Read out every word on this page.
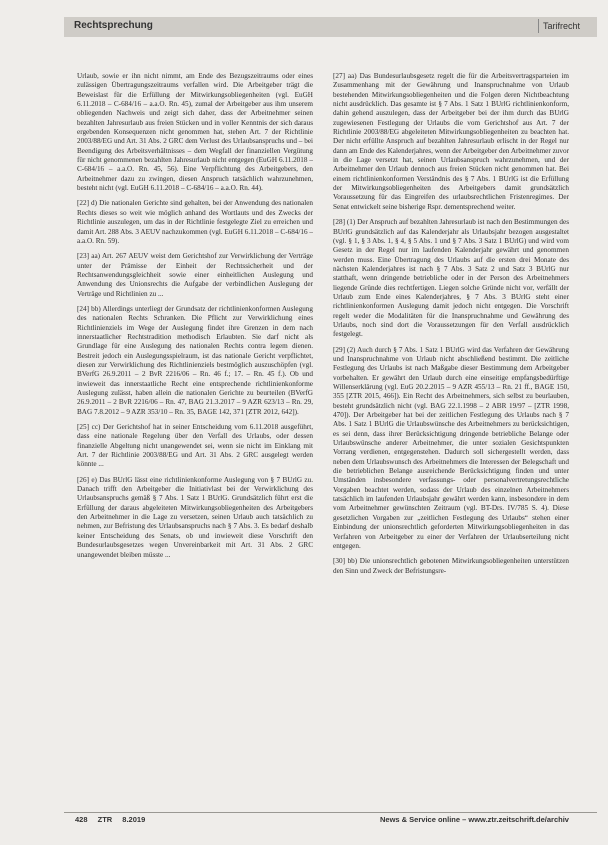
Rechtsprechung	Tarifrecht

Urlaub, sowie er ihn nicht nimmt, am Ende des Bezugszeitraums oder eines zulässigen Übertragungszeitraums verfallen wird. Die Arbeitgeber trägt die Beweislast für die Erfüllung der Mitwirkungsobliegenheiten (vgl. EuGH 6.11.2018 – C-684/16 – a.a.O. Rn. 45), zumal der Arbeitgeber aus ihm unserem obliegenden Nachweis und zeigt sich daher, dass der Arbeitnehmer seinen bezahlten Jahresurlaub aus freien Stücken und in voller Kenntnis der sich daraus ergebenden Konsequenzen nicht genommen hat, stehen Art. 7 der Richtlinie 2003/88/EG und Art. 31 Abs. 2 GRC dem Verlust des Urlaubsanspruchs und – bei Beendigung des Arbeitsverhältnisses – dem Wegfall der finanziellen Vergütung für nicht genommenen bezahlten Jahresurlaub nicht entgegen (EuGH 6.11.2018 – C-684/16 – a.a.O. Rn. 45, 56). Eine Verpflichtung des Arbeitgebers, den Arbeitnehmer dazu zu zwingen, diesen Anspruch tatsächlich wahrzunehmen, besteht nicht (vgl. EuGH 6.11.2018 – C-684/16 – a.a.O. Rn. 44).

[22] d) Die nationalen Gerichte sind gehalten, bei der Anwendung des nationalen Rechts dieses so weit wie möglich anhand des Wortlauts und des Zwecks der Richtlinie auszulegen, um das in der Richtlinie festgelegte Ziel zu erreichen und damit Art. 288 Abs. 3 AEUV nachzukommen (vgl. EuGH 6.11.2018 – C-684/16 – a.a.O. Rn. 59).

[23] aa) Art. 267 AEUV weist dem Gerichtshof zur Verwirklichung der Verträge unter der Prämisse der Einheit der Rechtssicherheit und der Rechtsanwendungsgleichheit sowie einer einheitlichen Auslegung und Anwendung des Unionsrechts die Aufgabe der verbindlichen Auslegung der Verträge und Richtlinien zu ...

[24] bb) Allerdings unterliegt der Grundsatz der richtlinienkonformen Auslegung des nationalen Rechts Schranken. Die Pflicht zur Verwirklichung eines Richtlinienziels im Wege der Auslegung findet ihre Grenzen in dem nach innerstaatlicher Rechtstradition methodisch Erlaubten. Sie darf nicht als Grundlage für eine Auslegung des nationalen Rechts contra legem dienen. Bestreit jedoch ein Auslegungsspielraum, ist das nationale Gericht verpflichtet, diesen zur Verwirklichung des Richtlinienziels bestmöglich auszuschöpfen (vgl. BVerfG 26.9.2011 – 2 BvR 2216/06 – Rn. 46 f.; 17. – Rn. 45 f.). Ob und inwieweit das innerstaatliche Recht eine entsprechende richtlinienkonforme Auslegung zulässt, haben allein die nationalen Gerichte zu beurteilen (BVerfG 26.9.2011 – 2 BvR 2216/06 – Rn. 47, BAG 21.3.2017 – 9 AZR 623/13 – Rn. 29, BAG 7.8.2012 – 9 AZR 353/10 – Rn. 35, BAGE 142, 371 [ZTR 2012, 642]).

[25] cc) Der Gerichtshof hat in seiner Entscheidung vom 6.11.2018 ausgeführt, dass eine nationale Regelung über den Verfall des Urlaubs, oder dessen finanzielle Abgeltung nicht unangewendet sei, wenn sie nicht im Einklang mit Art. 7 der Richtlinie 2003/88/EG und Art. 31 Abs. 2 GRC ausgelegt werden könnte ...

[26] e) Das BUrlG lässt eine richtlinienkonforme Auslegung von § 7 BUrlG zu. Danach trifft den Arbeitgeber die Initiativlast bei der Verwirklichung des Urlaubsanspruchs gemäß § 7 Abs. 1 Satz 1 BUrlG. Grundsätzlich führt erst die Erfüllung der daraus abgeleiteten Mitwirkungsobliegenheiten des Arbeitgebers den Arbeitnehmer in die Lage zu versetzen, seinen Urlaub auch tatsächlich zu nehmen, zur Befristung des Urlaubsanspruchs nach § 7 Abs. 3. Es bedarf deshalb keiner Entscheidung des Senats, ob und inwieweit diese Vorschrift den Bundesurlaubsgesetzes wegen Unvereinbarkeit mit Art. 31 Abs. 2 GRC unangewendet bleiben müsste ...

[27] aa) Das Bundesurlaubsgesetz regelt die für die Arbeitsvertragsparteien im Zusammenhang mit der Gewährung und Inanspruchnahme von Urlaub bestehenden Mitwirkungsobliegenheiten und die Folgen deren Nichtbeachtung nicht ausdrücklich. Das gesamte ist § 7 Abs. 1 Satz 1 BUrlG richtlinienkonform, dahin gehend auszulegen, dass der Arbeitgeber bei der ihm durch das BUrlG zugewiesenen Festlegung der Urlaubs die vom Gerichtshof aus Art. 7 der Richtlinie 2003/88/EG abgeleiteten Mitwirkungsobliegenheiten zu beachten hat. Der nicht erfüllte Anspruch auf bezahlten Jahresurlaub erlischt in der Regel nur dann am Ende des Kalenderjahres, wenn der Arbeitgeber den Arbeitnehmer zuvor in die Lage versetzt hat, seinen Urlaubsanspruch wahrzunehmen, und der Arbeitnehmer den Urlaub dennoch aus freien Stücken nicht genommen hat. Bei einem richtlinienkonformen Verständnis des § 7 Abs. 1 BUrlG ist die Erfüllung der Mitwirkungsobliegenheiten des Arbeitgebers damit grundsätzlich Voraussetzung für das Eingreifen des urlaubsrechtlichen Fristenregimes. Der Senat entwickelt seine bisherige Rspr. dementsprechend weiter.

[28] (1) Der Anspruch auf bezahlten Jahresurlaub ist nach den Bestimmungen des BUrlG grundsätzlich auf das Kalenderjahr als Urlaubsjahr bezogen ausgestaltet (vgl. § 1, § 3 Abs. 1, § 4, § 5 Abs. 1 und § 7 Abs. 3 Satz 1 BUrlG) und wird vom Gesetz in der Regel nur im laufenden Kalenderjahr gewährt und genommen werden muss. Eine Übertragung des Urlaubs auf die ersten drei Monate des nächsten Kalenderjahres ist nach § 7 Abs. 3 Satz 2 und Satz 3 BUrlG nur statthaft, wenn dringende betriebliche oder in der Person des Arbeitnehmers liegende Gründe dies rechtfertigen. Liegen solche Gründe nicht vor, verfällt der Urlaub zum Ende eines Kalenderjahres, § 7 Abs. 3 BUrlG steht einer richtlinienkonformen Auslegung damit jedoch nicht entgegen. Die Vorschrift regelt weder die Modalitäten für die Inanspruchnahme und Gewährung des Urlaubs, noch sind dort die Voraussetzungen für den Verfall ausdrücklich festgelegt.

[29] (2) Auch durch § 7 Abs. 1 Satz 1 BUrlG wird das Verfahren der Gewährung und Inanspruchnahme von Urlaub nicht abschließend bestimmt. Die zeitliche Festlegung des Urlaubs ist nach Maßgabe dieser Bestimmung dem Arbeitgeber vorbehalten. Er gewährt den Urlaub durch eine einseitige empfangsbedürftige Willenserklärung (vgl. EuG 20.2.2015 – 9 AZR 455/13 – Rn. 21 ff., BAGE 150, 355 [ZTR 2015, 466]). Ein Recht des Arbeitnehmers, sich selbst zu beurlauben, besteht grundsätzlich nicht (vgl. BAG 22.1.1998 – 2 ABR 19/97 – [ZTR 1998, 470]). Der Arbeitgeber hat bei der zeitlichen Festlegung des Urlaubs nach § 7 Abs. 1 Satz 1 BUrlG die Urlaubswünsche des Arbeitnehmers zu berücksichtigen, es sei denn, dass ihrer Berücksichtigung dringende betriebliche Belange oder Urlaubswünsche anderer Arbeitnehmer, die unter sozialen Gesichtspunkten Vorrang verdienen, entgegenstehen. Dadurch soll sichergestellt werden, dass neben dem Urlaubswunsch des Arbeitnehmers die Interessen der Belegschaft und die betrieblichen Belange ausreichende Berücksichtigung finden und unter Umständen insbesondere verfassungs- oder personalvertretungsrechtliche Vorgaben beachtet werden, sodass der Urlaub des einzelnen Arbeitnehmers tatsächlich im laufenden Urlaubsjahr gewährt werden kann, insbesondere in dem vom Arbeitnehmer gewünschten Zeitraum (vgl. BT-Drs. IV/785 S. 4). Diese gesetzlichen Vorgaben zur „zeitlichen Festlegung des Urlaubs“ stehen einer Einbindung der unionsrechtlich geforderten Mitwirkungsobliegenheiten in das Verfahren von Arbeitgeber zu einer der Verfahren der Urlaubserteilung nicht entgegen.

[30] bb) Die unionsrechtlich gebotenen Mitwirkungsobliegenheiten unterstützen den Sinn und Zweck der Befristungsre-

428 ZTR 8.2019	News & Service online – www.ztr.zeitschrift.de/archiv
